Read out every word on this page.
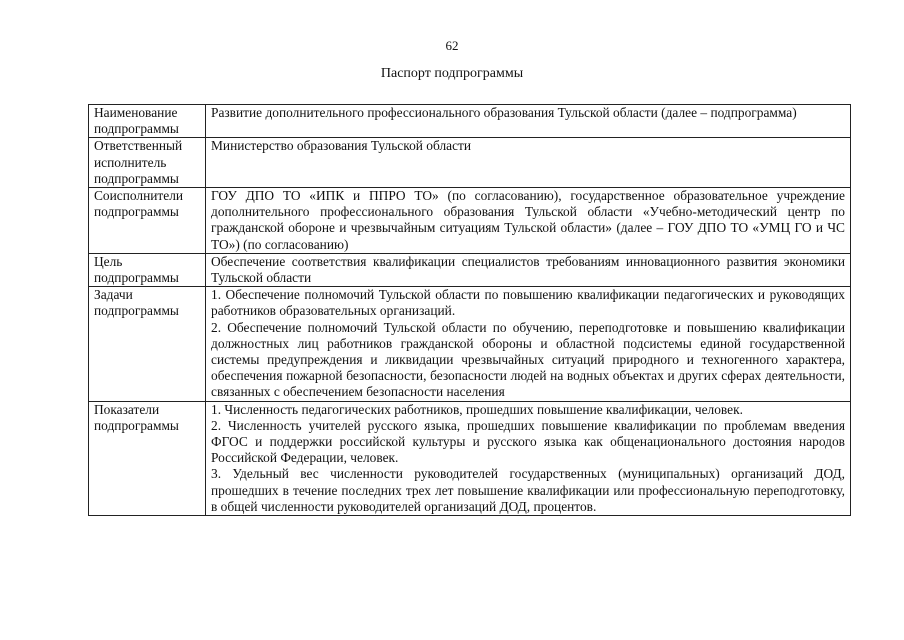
62
Паспорт подпрограммы
Наименование подпрограммы	Развитие дополнительного профессионального образования Тульской области (далее – подпрограмма)

Ответственный исполнитель подпрограммы	Министерство образования Тульской области

Соисполнители подпрограммы	ГОУ ДПО ТО «ИПК и ППРО ТО» (по согласованию), государственное образовательное учреждение дополнительного профессионального образования Тульской области «Учебно-методический центр по гражданской обороне и чрезвычайным ситуациям Тульской области» (далее – ГОУ ДПО ТО «УМЦ ГО и ЧС ТО») (по согласованию)

Цель подпрограммы	Обеспечение соответствия квалификации специалистов требованиям инновационного развития экономики Тульской области

Задачи подпрограммы	1. Обеспечение полномочий Тульской области по повышению квалификации педагогических и руководящих работников образовательных организаций.
2. Обеспечение полномочий Тульской области по обучению, переподготовке и повышению квалификации должностных лиц работников гражданской обороны и областной подсистемы единой государственной системы предупреждения и ликвидации чрезвычайных ситуаций природного и техногенного характера, обеспечения пожарной безопасности, безопасности людей на водных объектах и других сферах деятельности, связанных с обеспечением безопасности населения

Показатели подпрограммы	1. Численность педагогических работников, прошедших повышение квалификации, человек.
2. Численность учителей русского языка, прошедших повышение квалификации по проблемам введения ФГОС и поддержки российской культуры и русского языка как общенационального достояния народов Российской Федерации, человек.
3. Удельный вес численности руководителей государственных (муниципальных) организаций ДОД, прошедших в течение последних трех лет повышение квалификации или профессиональную переподготовку, в общей численности руководителей организаций ДОД, процентов.
